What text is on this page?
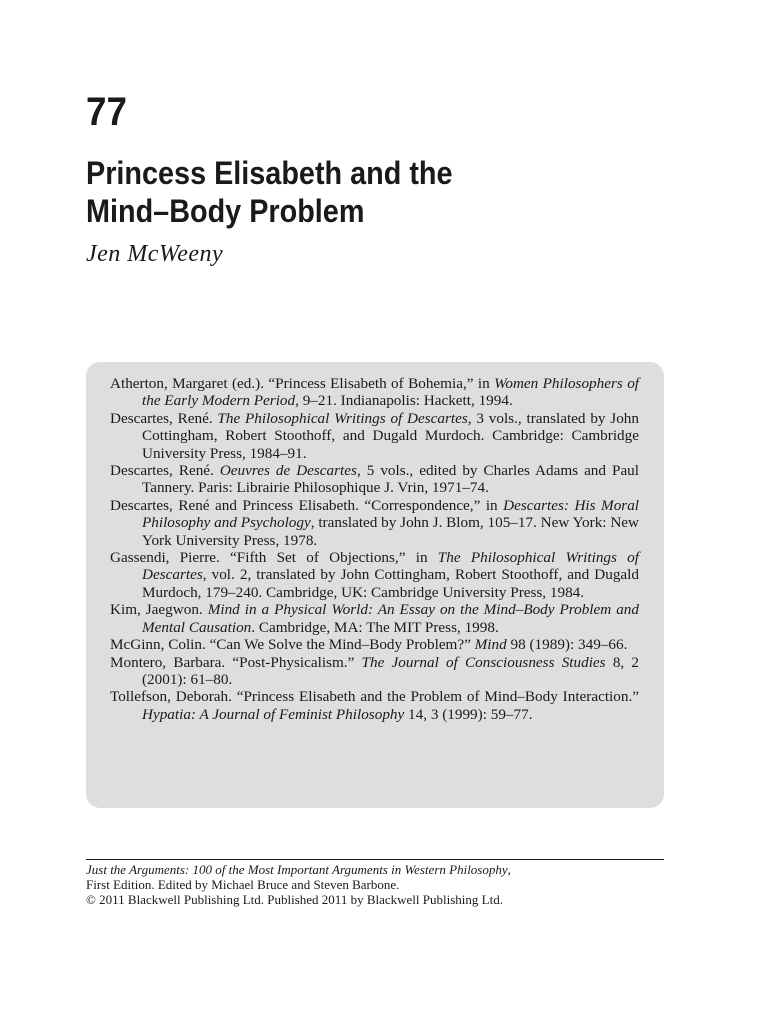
77
Princess Elisabeth and the
Mind–Body Problem

Jen McWeeny

Atherton, Margaret (ed.). “Princess Elisabeth of Bohemia,” in Women Philosophers of the Early Modern Period, 9–21. Indianapolis: Hackett, 1994.

Descartes, René. The Philosophical Writings of Descartes, 3 vols., translated by John Cottingham, Robert Stoothoff, and Dugald Murdoch. Cambridge: Cambridge University Press, 1984–91.

Descartes, René. Oeuvres de Descartes, 5 vols., edited by Charles Adams and Paul Tannery. Paris: Librairie Philosophique J. Vrin, 1971–74.

Descartes, René and Princess Elisabeth. “Correspondence,” in Descartes: His Moral Philosophy and Psychology, translated by John J. Blom, 105–17. New York: New York University Press, 1978.

Gassendi, Pierre. “Fifth Set of Objections,” in The Philosophical Writings of Descartes, vol. 2, translated by John Cottingham, Robert Stoothoff, and Dugald Murdoch, 179–240. Cambridge, UK: Cambridge University Press, 1984.

Kim, Jaegwon. Mind in a Physical World: An Essay on the Mind–Body Problem and Mental Causation. Cambridge, MA: The MIT Press, 1998.

McGinn, Colin. “Can We Solve the Mind–Body Problem?” Mind 98 (1989): 349–66.

Montero, Barbara. “Post-Physicalism.” The Journal of Consciousness Studies 8, 2 (2001): 61–80.

Tollefson, Deborah. “Princess Elisabeth and the Problem of Mind–Body Interaction.” Hypatia: A Journal of Feminist Philosophy 14, 3 (1999): 59–77.

Just the Arguments: 100 of the Most Important Arguments in Western Philosophy,
First Edition. Edited by Michael Bruce and Steven Barbone.
© 2011 Blackwell Publishing Ltd. Published 2011 by Blackwell Publishing Ltd.
